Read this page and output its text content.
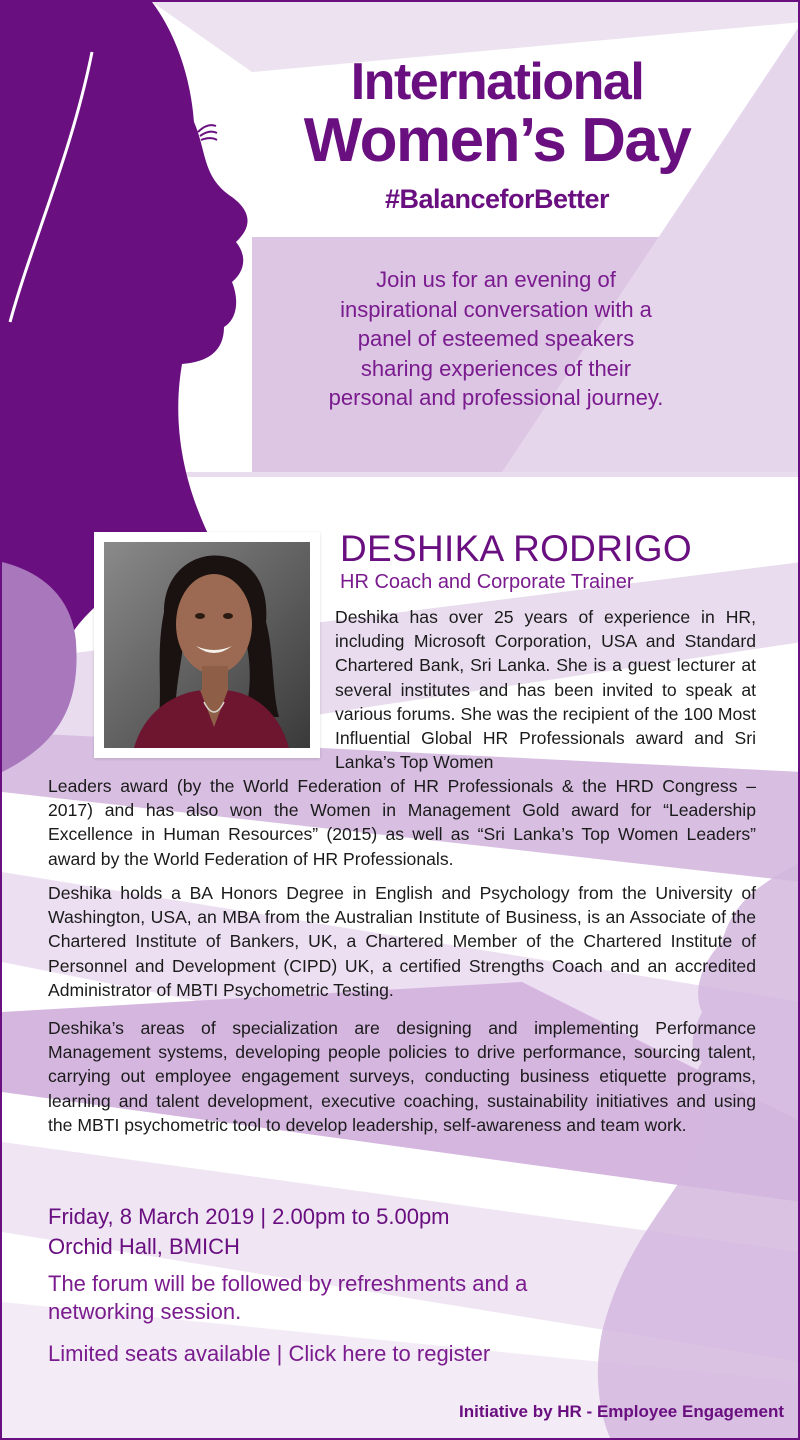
International
Women’s Day
#BalanceforBetter

Join us for an evening of inspirational conversation with a panel of esteemed speakers sharing experiences of their personal and professional journey.

DESHIKA RODRIGO
HR Coach and Corporate Trainer

Deshika has over 25 years of experience in HR, including Microsoft Corporation, USA and Standard Chartered Bank, Sri Lanka. She is a guest lecturer at several institutes and has been invited to speak at various forums. She was the recipient of the 100 Most Influential Global HR Professionals award and Sri Lanka’s Top Women

Leaders award (by the World Federation of HR Professionals & the HRD Congress – 2017) and has also won the Women in Management Gold award for “Leadership Excellence in Human Resources” (2015) as well as “Sri Lanka’s Top Women Leaders” award by the World Federation of HR Professionals.

Deshika holds a BA Honors Degree in English and Psychology from the University of Washington, USA, an MBA from the Australian Institute of Business, is an Associate of the Chartered Institute of Bankers, UK, a Chartered Member of the Chartered Institute of Personnel and Development (CIPD) UK, a certified Strengths Coach and an accredited Administrator of MBTI Psychometric Testing.

Deshika’s areas of specialization are designing and implementing Performance Management systems, developing people policies to drive performance, sourcing talent, carrying out employee engagement surveys, conducting business etiquette programs, learning and talent development, executive coaching, sustainability initiatives and using the MBTI psychometric tool to develop leadership, self-awareness and team work.

Friday, 8 March 2019 | 2.00pm to 5.00pm
Orchid Hall, BMICH
The forum will be followed by refreshments and a networking session.
Limited seats available | Click here to register
Initiative by HR - Employee Engagement
